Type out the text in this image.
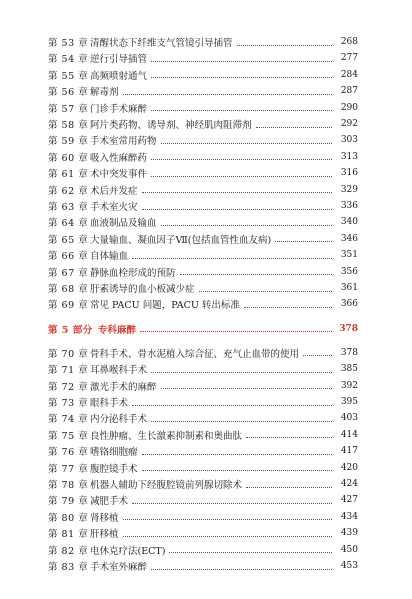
第 53 章 清醒状态下纤维支气管镜引导插管	268
第 54 章 逆行引导插管	277
第 55 章 高频喷射通气	284
第 56 章 解毒剂	287
第 57 章 门诊手术麻醉	290
第 58 章 阿片类药物、诱导剂、神经肌肉阻滞剂	292
第 59 章 手术室常用药物	303
第 60 章 吸入性麻醉药	313
第 61 章 术中突发事件	316
第 62 章 术后并发症	329
第 63 章 手术室火灾	336
第 64 章 血液制品及输血	340
第 65 章 大量输血、凝血因子Ⅶ(包括血管性血友病)	346
第 66 章 自体输血	351
第 67 章 静脉血栓形成的预防	356
第 68 章 肝素诱导的血小板减少症	361
第 69 章 常见 PACU 问题，PACU 转出标准	366
第 5 部分 专科麻醉	378
第 70 章 骨科手术、骨水泥植入综合征、充气止血带的使用	378
第 71 章 耳鼻喉科手术	385
第 72 章 激光手术的麻醉	392
第 73 章 眼科手术	395
第 74 章 内分泌科手术	403
第 75 章 良性肿瘤、生长激素抑制素和奥曲肽	414
第 76 章 嗜铬细胞瘤	417
第 77 章 腹腔镜手术	420
第 78 章 机器人辅助下经腹腔镜前列腺切除术	424
第 79 章 减肥手术	427
第 80 章 肾移植	434
第 81 章 肝移植	439
第 82 章 电休克疗法(ECT)	450
第 83 章 手术室外麻醉	453
